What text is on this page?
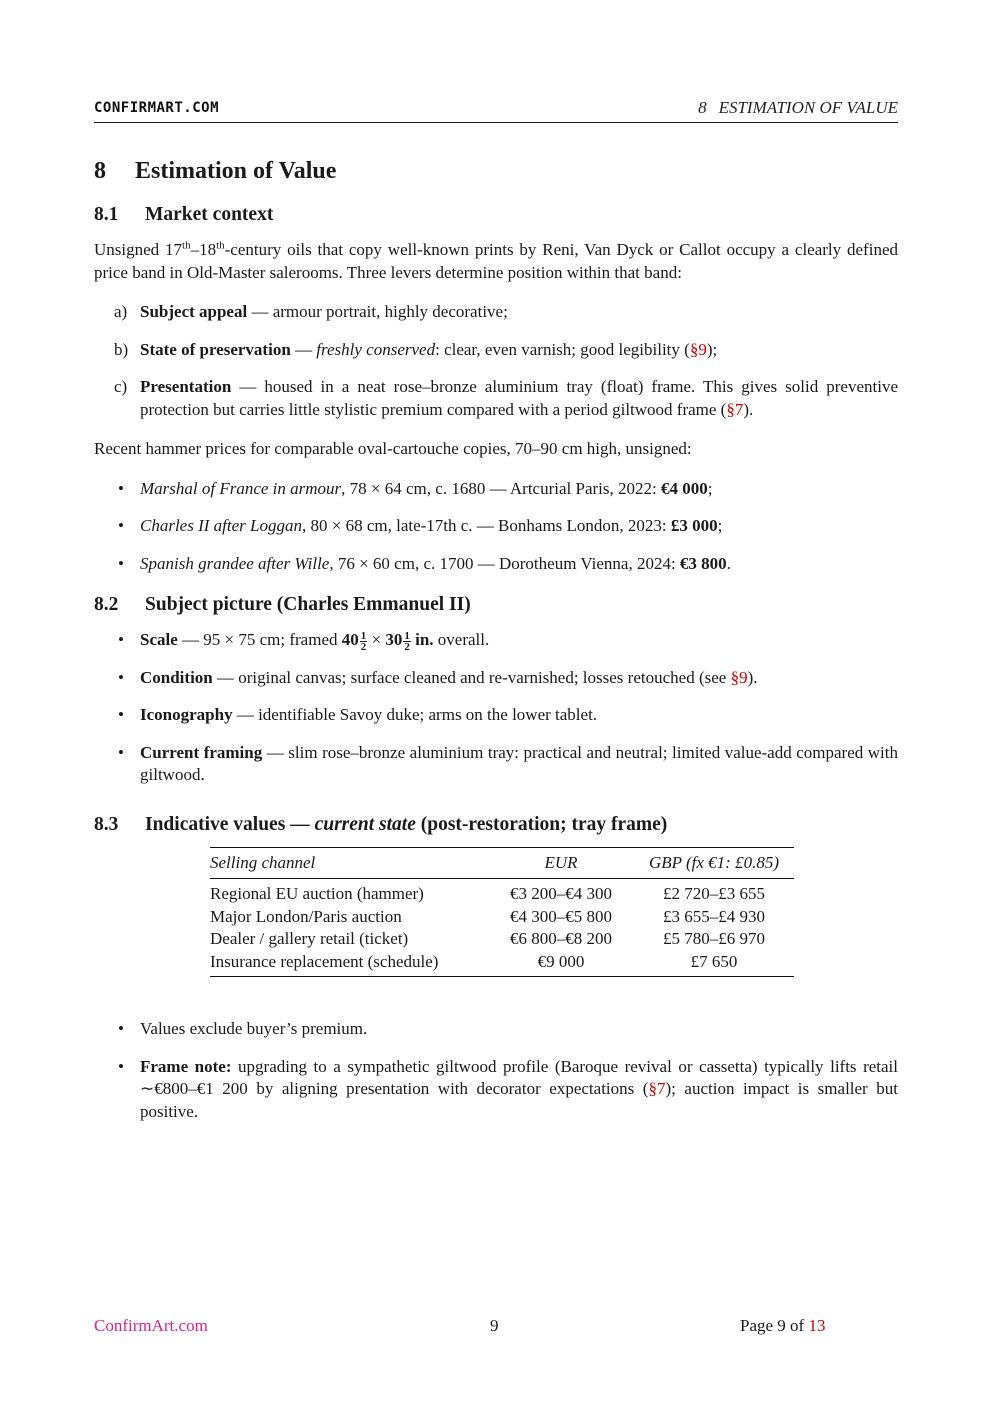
CONFIRMART.COM	8 ESTIMATION OF VALUE
8 Estimation of Value
8.1 Market context

Unsigned 17th–18th-century oils that copy well-known prints by Reni, Van Dyck or Callot occupy a clearly defined price band in Old-Master salerooms. Three levers determine position within that band:

a) Subject appeal — armour portrait, highly decorative;
b) State of preservation — freshly conserved: clear, even varnish; good legibility (§9);
c) Presentation — housed in a neat rose–bronze aluminium tray (float) frame. This gives solid preventive protection but carries little stylistic premium compared with a period giltwood frame (§7).

Recent hammer prices for comparable oval-cartouche copies, 70–90 cm high, unsigned:

• Marshal of France in armour, 78 × 64 cm, c. 1680 — Artcurial Paris, 2022: €4 000;
• Charles II after Loggan, 80 × 68 cm, late-17th c. — Bonhams London, 2023: £3 000;
• Spanish grandee after Wille, 76 × 60 cm, c. 1700 — Dorotheum Vienna, 2024: €3 800.
8.2 Subject picture (Charles Emmanuel II)
• Scale — 95 × 75 cm; framed $40 \frac{1}{2} \times 30 \frac{1}{2}$ in. overall.
• Condition — original canvas; surface cleaned and re-varnished; losses retouched (see §9).
• Iconography — identifiable Savoy duke; arms on the lower tablet.
• Current framing — slim rose–bronze aluminium tray: practical and neutral; limited value-add compared with giltwood.
8.3 Indicative values — current state (post-restoration; tray frame)
Selling channel	EUR	GBP (fx €1: £0.85)
Regional EU auction (hammer)	€3 200–€4 300	£2 720–£3 655
Major London/Paris auction	€4 300–€5 800	£3 655–£4 930
Dealer / gallery retail (ticket)	€6 800–€8 200	£5 780–£6 970
Insurance replacement (schedule)	€9 000	£7 650
• Values exclude buyer’s premium.
• Frame note: upgrading to a sympathetic giltwood profile (Baroque revival or cassetta) typically lifts retail ∼€800–€1 200 by aligning presentation with decorator expectations (§7); auction impact is smaller but positive.
ConfirmArt.com	9	Page 9 of 13
